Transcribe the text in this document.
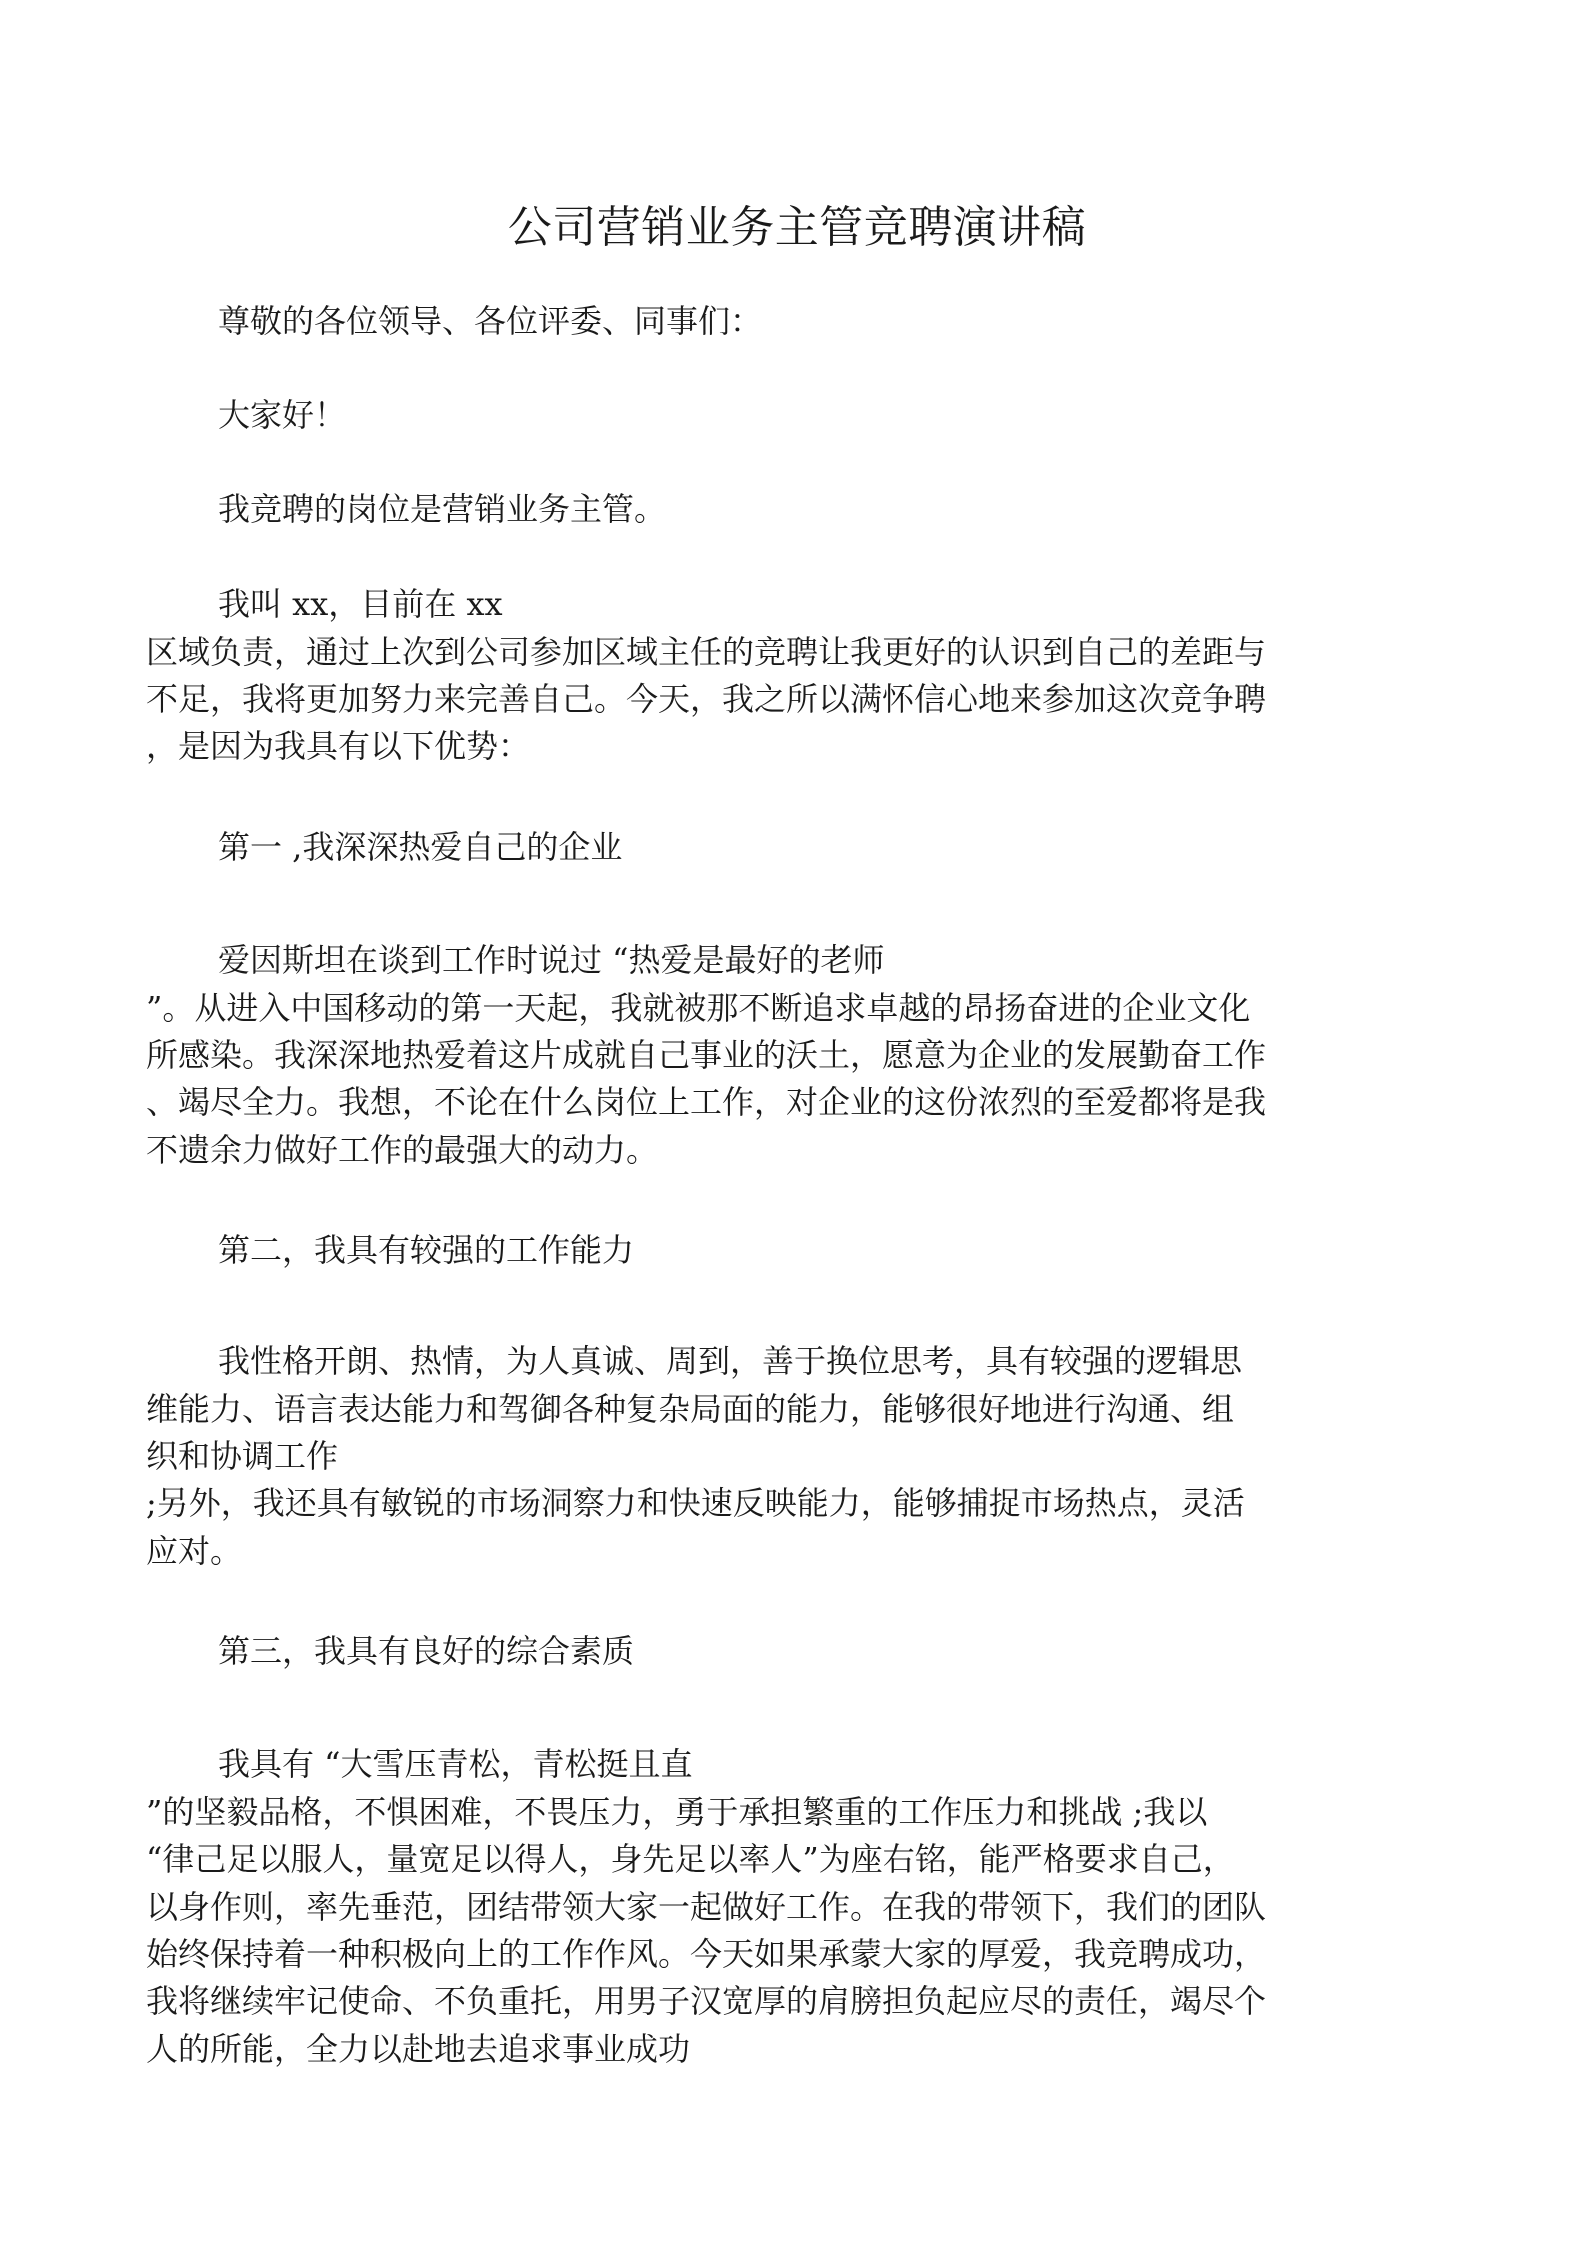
公司营销业务主管竞聘演讲稿
尊敬的各位领导、各位评委、同事们：
大家好！
我竞聘的岗位是营销业务主管。
我叫 xx，目前在 xx
区域负责，通过上次到公司参加区域主任的竞聘让我更好的认识到自己的差距与
不足，我将更加努力来完善自己。今天，我之所以满怀信心地来参加这次竞争聘
，是因为我具有以下优势：
第一 ,我深深热爱自己的企业
爱因斯坦在谈到工作时说过 “热爱是最好的老师
”。从进入中国移动的第一天起，我就被那不断追求卓越的昂扬奋进的企业文化
所感染。我深深地热爱着这片成就自己事业的沃土，愿意为企业的发展勤奋工作
、竭尽全力。我想，不论在什么岗位上工作，对企业的这份浓烈的至爱都将是我
不遗余力做好工作的最强大的动力。
第二，我具有较强的工作能力
我性格开朗、热情，为人真诚、周到，善于换位思考，具有较强的逻辑思
维能力、语言表达能力和驾御各种复杂局面的能力，能够很好地进行沟通、组
织和协调工作
;另外，我还具有敏锐的市场洞察力和快速反映能力，能够捕捉市场热点，灵活
应对。
第三，我具有良好的综合素质
我具有 “大雪压青松，青松挺且直
”的坚毅品格，不惧困难，不畏压力，勇于承担繁重的工作压力和挑战 ;我以
“律己足以服人，量宽足以得人，身先足以率人”为座右铭，能严格要求自己，
以身作则，率先垂范，团结带领大家一起做好工作。在我的带领下，我们的团队
始终保持着一种积极向上的工作作风。今天如果承蒙大家的厚爱，我竞聘成功，
我将继续牢记使命、不负重托，用男子汉宽厚的肩膀担负起应尽的责任，竭尽个
人的所能，全力以赴地去追求事业成功
